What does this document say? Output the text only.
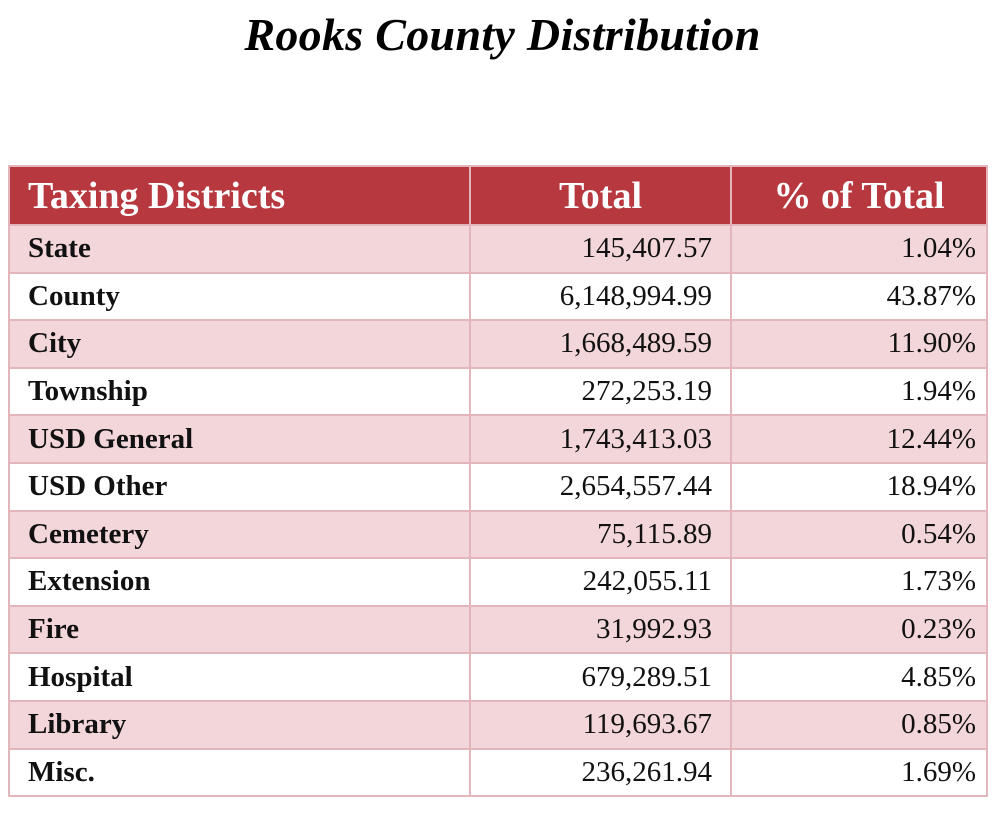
Rooks County Distribution
Taxing Districts	Total	% of Total
State	145,407.57	1.04%
County	6,148,994.99	43.87%
City	1,668,489.59	11.90%
Township	272,253.19	1.94%
USD General	1,743,413.03	12.44%
USD Other	2,654,557.44	18.94%
Cemetery	75,115.89	0.54%
Extension	242,055.11	1.73%
Fire	31,992.93	0.23%
Hospital	679,289.51	4.85%
Library	119,693.67	0.85%
Misc.	236,261.94	1.69%
